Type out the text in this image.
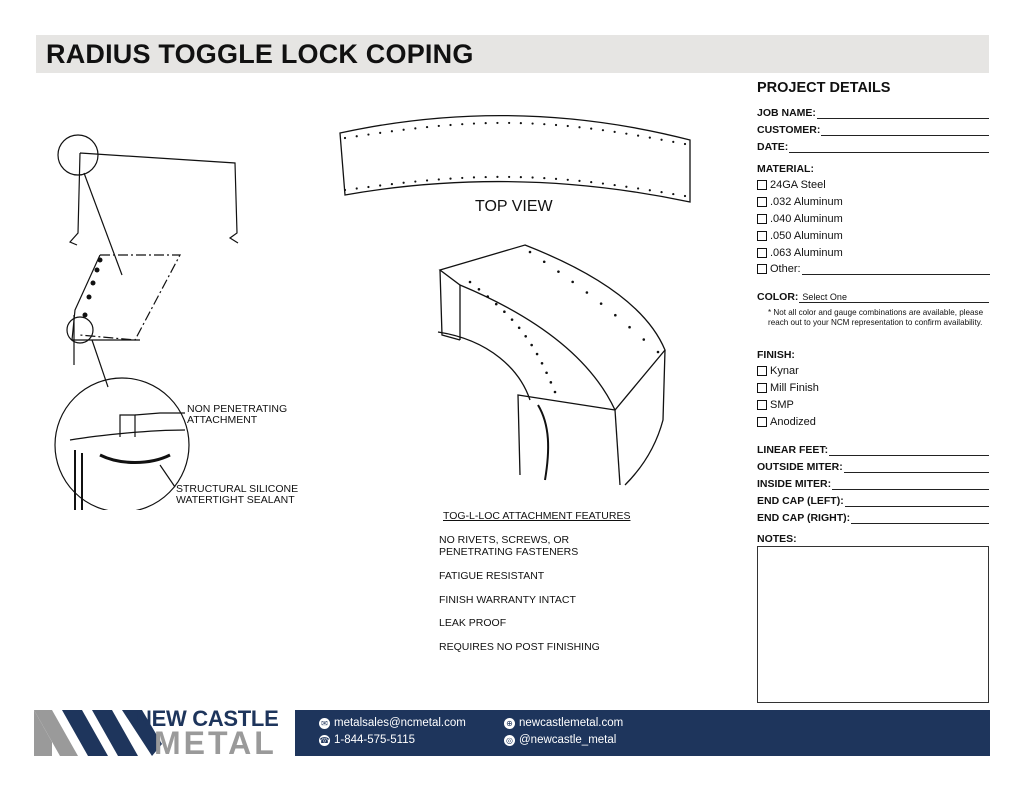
RADIUS TOGGLE LOCK COPING
NON PENETRATING
ATTACHMENT
STRUCTURAL SILICONE
WATERTIGHT SEALANT
TOP VIEW
TOG-L-LOC ATTACHMENT FEATURES
NO RIVETS, SCREWS, OR
PENETRATING FASTENERS
FATIGUE RESISTANT
FINISH WARRANTY INTACT
LEAK PROOF
REQUIRES NO POST FINISHING
PROJECT DETAILS
JOB NAME:
CUSTOMER:
DATE:
MATERIAL:
24GA Steel
.032 Aluminum
.040 Aluminum
.050 Aluminum
.063 Aluminum
Other:
COLOR: Select One
* Not all color and gauge combinations are available, please reach out to your NCM representation to confirm availability.
FINISH:
Kynar
Mill Finish
SMP
Anodized
LINEAR FEET:
OUTSIDE MITER:
INSIDE MITER:
END CAP (LEFT):
END CAP (RIGHT):
NOTES:
NEW CASTLE
METAL
✉ metalsales@ncmetal.com
☎ 1-844-575-5115
⊕ newcastlemetal.com
◎ @newcastle_metal
